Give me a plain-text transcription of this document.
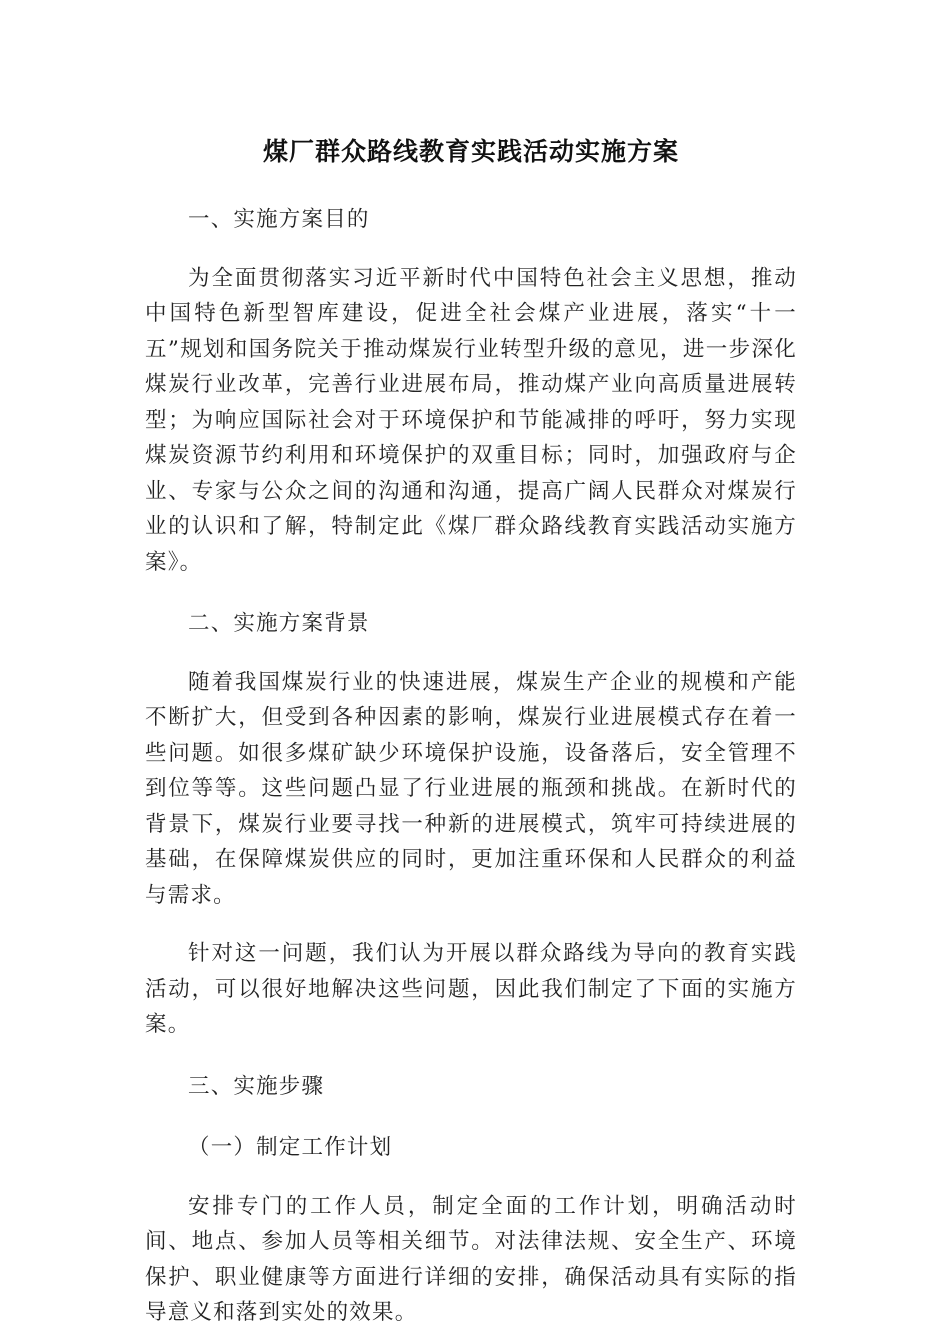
煤厂群众路线教育实践活动实施方案

一、实施方案目的

为全面贯彻落实习近平新时代中国特色社会主义思想，推动中国特色新型智库建设，促进全社会煤产业进展，落实“十一五”规划和国务院关于推动煤炭行业转型升级的意见，进一步深化煤炭行业改革，完善行业进展布局，推动煤产业向高质量进展转型；为响应国际社会对于环境保护和节能减排的呼吁，努力实现煤炭资源节约利用和环境保护的双重目标；同时，加强政府与企业、专家与公众之间的沟通和沟通，提高广阔人民群众对煤炭行业的认识和了解，特制定此《煤厂群众路线教育实践活动实施方案》。

二、实施方案背景

随着我国煤炭行业的快速进展，煤炭生产企业的规模和产能不断扩大，但受到各种因素的影响，煤炭行业进展模式存在着一些问题。如很多煤矿缺少环境保护设施，设备落后，安全管理不到位等等。这些问题凸显了行业进展的瓶颈和挑战。在新时代的背景下，煤炭行业要寻找一种新的进展模式，筑牢可持续进展的基础，在保障煤炭供应的同时，更加注重环保和人民群众的利益与需求。

针对这一问题，我们认为开展以群众路线为导向的教育实践活动，可以很好地解决这些问题，因此我们制定了下面的实施方案。

三、实施步骤

（一）制定工作计划

安排专门的工作人员，制定全面的工作计划，明确活动时间、地点、参加人员等相关细节。对法律法规、安全生产、环境保护、职业健康等方面进行详细的安排，确保活动具有实际的指导意义和落到实处的效果。
